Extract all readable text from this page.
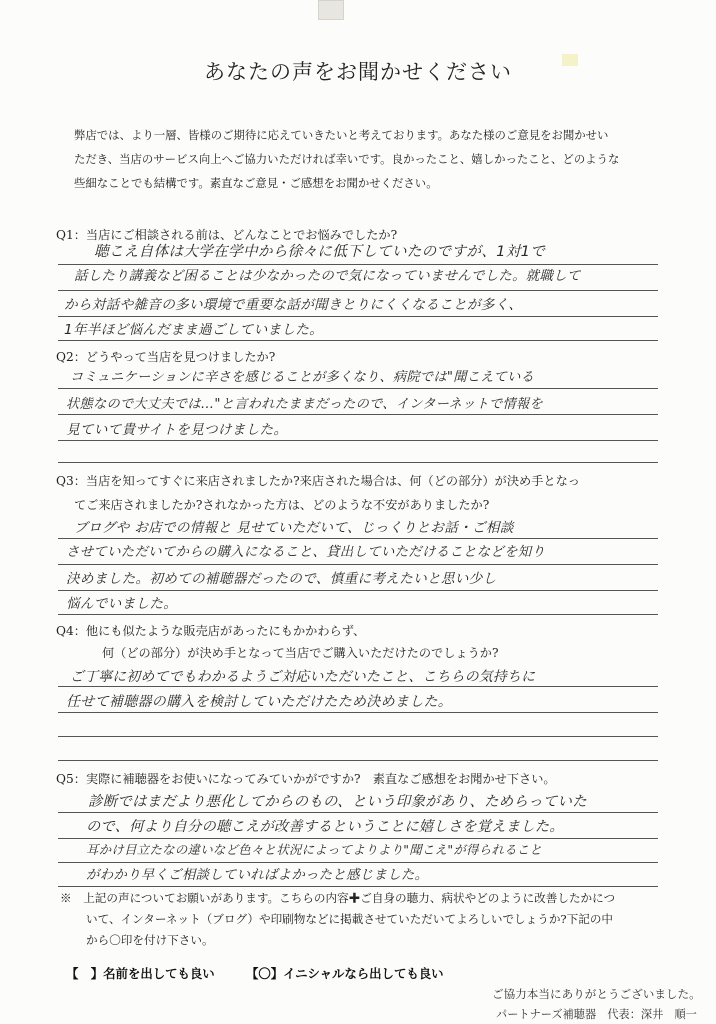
あなたの声をお聞かせください
弊店では、より一層、皆様のご期待に応えていきたいと考えております。あなた様のご意見をお聞かせい
ただき、当店のサービス向上へご協力いただければ幸いです。良かったこと、嬉しかったこと、どのような
些細なことでも結構です。素直なご意見・ご感想をお聞かせください。
Q1：当店にご相談される前は、どんなことでお悩みでしたか?
聴こえ自体は大学在学中から徐々に低下していたのですが、1対1で
話したり講義など困ることは少なかったので気になっていませんでした。就職して
から対話や雑音の多い環境で重要な話が聞きとりにくくなることが多く、
1年半ほど悩んだまま過ごしていました。
Q2：どうやって当店を見つけましたか?
コミュニケーションに辛さを感じることが多くなり、病院では"聞こえている
状態なので大丈夫では…"と言われたままだったので、インターネットで情報を
見ていて貴サイトを見つけました。
Q3：当店を知ってすぐに来店されましたか?来店された場合は、何（どの部分）が決め手となっ
てご来店されましたか?されなかった方は、どのような不安がありましたか?
ブログや お店での情報と 見せていただいて、じっくりとお話・ご相談
させていただいてからの購入になること、貸出していただけることなどを知り
決めました。初めての補聴器だったので、慎重に考えたいと思い少し
悩んでいました。
Q4：他にも似たような販売店があったにもかかわらず、
何（どの部分）が決め手となって当店でご購入いただけたのでしょうか?
ご丁寧に初めてでもわかるようご対応いただいたこと、こちらの気持ちに
任せて補聴器の購入を検討していただけたため決めました。
Q5：実際に補聴器をお使いになってみていかがですか?　素直なご感想をお聞かせ下さい。
診断ではまだより悪化してからのもの、という印象があり、ためらっていた
ので、何より自分の聴こえが改善するということに嬉しさを覚えました。
耳かけ目立たなの違いなど色々と状況によってよりより"聞こえ"が得られること
がわかり早くご相談していればよかったと感じました。
※　上記の声についてお願いがあります。こちらの内容✚ご自身の聴力、病状やどのように改善したかにつ
いて、インターネット（ブログ）や印刷物などに掲載させていただいてよろしいでしょうか?下記の中
から〇印を付け下さい。
【　】名前を出しても良い	【〇】イニシャルなら出しても良い
ご協力本当にありがとうございました。
パートナーズ補聴器　代表：深井　順一
